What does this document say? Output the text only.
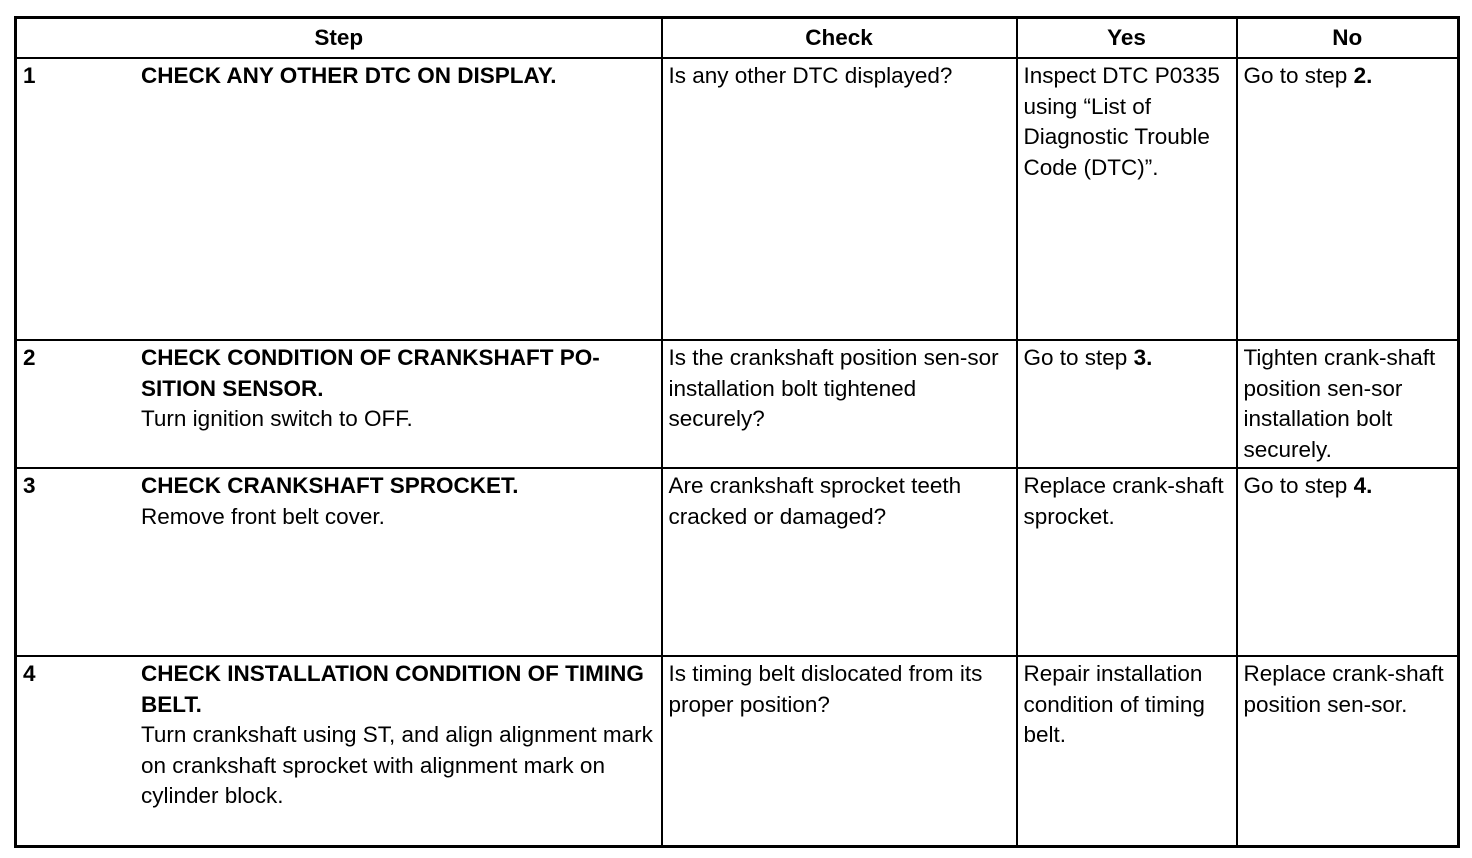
Step	Check	Yes	No

1 CHECK ANY OTHER DTC ON DISPLAY.	Is any other DTC displayed?	Inspect DTC P0335 using “List of Diagnostic Trouble Code (DTC)”.	Go to step 2.

2 CHECK CONDITION OF CRANKSHAFT PO-SITION SENSOR.
Turn ignition switch to OFF.	Is the crankshaft position sen-sor installation bolt tightened securely?	Go to step 3.	Tighten crank-shaft position sen-sor installation bolt securely.

3 CHECK CRANKSHAFT SPROCKET.
Remove front belt cover.	Are crankshaft sprocket teeth cracked or damaged?	Replace crank-shaft sprocket.	Go to step 4.

4 CHECK INSTALLATION CONDITION OF TIMING BELT.
Turn crankshaft using ST, and align alignment mark on crankshaft sprocket with alignment mark on cylinder block.	Is timing belt dislocated from its proper position?	Repair installation condition of timing belt.	Replace crank-shaft position sen-sor.
